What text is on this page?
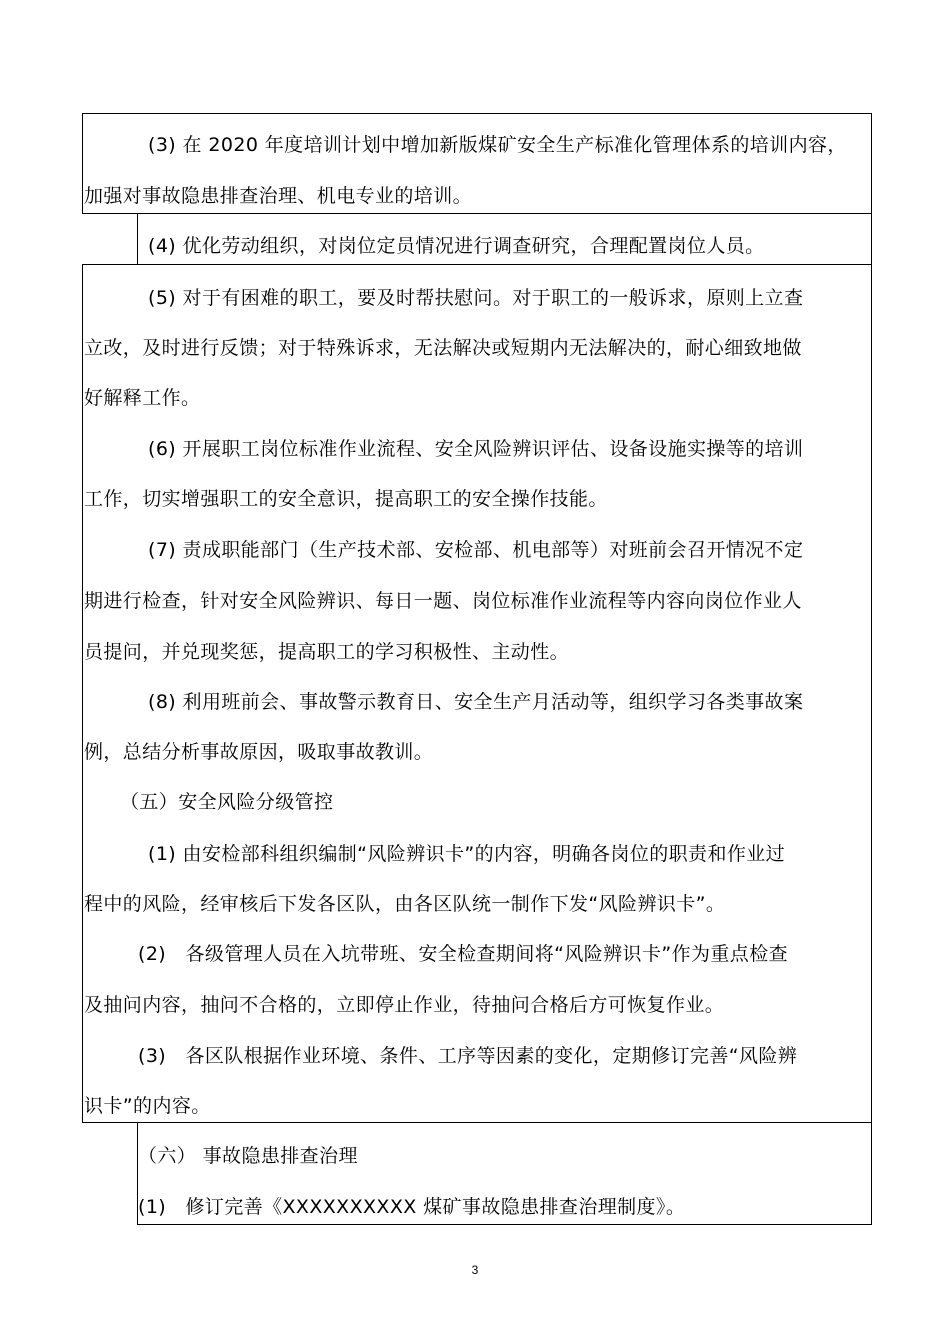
(3) 在 2020 年度培训计划中增加新版煤矿安全生产标准化管理体系的培训内容，
加强对事故隐患排查治理、机电专业的培训。
(4) 优化劳动组织，对岗位定员情况进行调查研究，合理配置岗位人员。
(5) 对于有困难的职工，要及时帮扶慰问。对于职工的一般诉求，原则上立查
立改，及时进行反馈；对于特殊诉求，无法解决或短期内无法解决的，耐心细致地做
好解释工作。
(6) 开展职工岗位标准作业流程、安全风险辨识评估、设备设施实操等的培训
工作，切实增强职工的安全意识，提高职工的安全操作技能。
(7) 责成职能部门（生产技术部、安检部、机电部等）对班前会召开情况不定
期进行检查，针对安全风险辨识、每日一题、岗位标准作业流程等内容向岗位作业人
员提问，并兑现奖惩，提高职工的学习积极性、主动性。
(8) 利用班前会、事故警示教育日、安全生产月活动等，组织学习各类事故案
例，总结分析事故原因，吸取事故教训。
（五）安全风险分级管控
(1) 由安检部科组织编制“风险辨识卡”的内容，明确各岗位的职责和作业过
程中的风险，经审核后下发各区队，由各区队统一制作下发“风险辨识卡”。
(2)　各级管理人员在入坑带班、安全检查期间将“风险辨识卡”作为重点检查
及抽问内容，抽问不合格的，立即停止作业，待抽问合格后方可恢复作业。
(3)　各区队根据作业环境、条件、工序等因素的变化，定期修订完善“风险辨
识卡”的内容。
（六） 事故隐患排查治理
(1)　修订完善《XXXXXXXXXX 煤矿事故隐患排查治理制度》。
3
